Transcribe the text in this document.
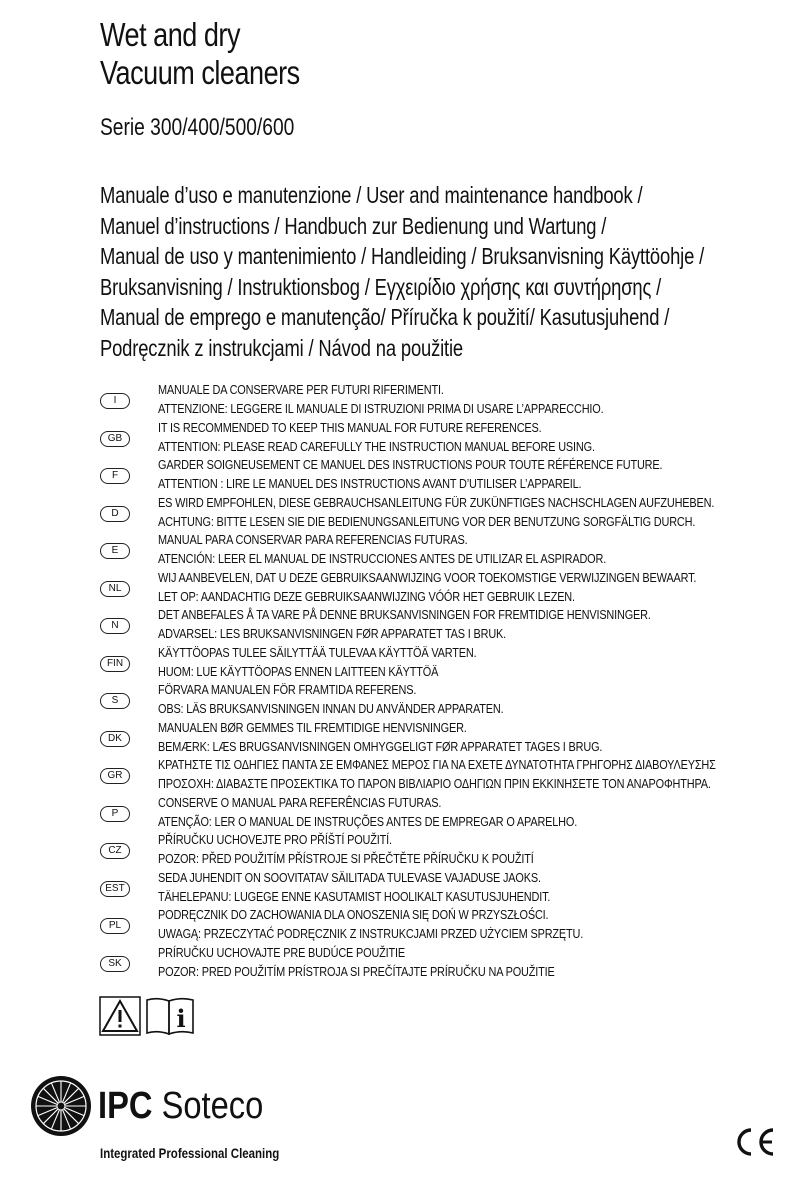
Wet and dry
Vacuum cleaners
Serie 300/400/500/600
Manuale d’uso e manutenzione / User and maintenance handbook /
Manuel d’instructions / Handbuch zur Bedienung und Wartung /
Manual de uso y mantenimiento / Handleiding / Bruksanvisning Käyttöohje /
Bruksanvisning / Instruktionsbog / Εγχειρίδιο χρήσης και συντήρησης /
Manual de emprego e manutenção/ Příručka k použití/ Kasutusjuhend /
Podręcznik z instrukcjami / Návod na použitie
I
MANUALE DA CONSERVARE PER FUTURI RIFERIMENTI.
ATTENZIONE: LEGGERE IL MANUALE DI ISTRUZIONI PRIMA DI USARE L’APPARECCHIO.
GB
IT IS RECOMMENDED TO KEEP THIS MANUAL FOR FUTURE REFERENCES.
ATTENTION: PLEASE READ CAREFULLY THE INSTRUCTION MANUAL BEFORE USING.
F
GARDER SOIGNEUSEMENT CE MANUEL DES INSTRUCTIONS POUR TOUTE RÉFÉRENCE FUTURE.
ATTENTION : LIRE LE MANUEL DES INSTRUCTIONS AVANT D’UTILISER L’APPAREIL.
D
ES WIRD EMPFOHLEN, DIESE GEBRAUCHSANLEITUNG FÜR ZUKÜNFTIGES NACHSCHLAGEN AUFZUHEBEN.
ACHTUNG: BITTE LESEN SIE DIE BEDIENUNGSANLEITUNG VOR DER BENUTZUNG SORGFÄLTIG DURCH.
E
MANUAL PARA CONSERVAR PARA REFERENCIAS FUTURAS.
ATENCIÓN: LEER EL MANUAL DE INSTRUCCIONES ANTES DE UTILIZAR EL ASPIRADOR.
NL
WIJ AANBEVELEN, DAT U DEZE GEBRUIKSAANWIJZING VOOR TOEKOMSTIGE VERWIJZINGEN BEWAART.
LET OP: AANDACHTIG DEZE GEBRUIKSAANWIJZING VÓÓR HET GEBRUIK LEZEN.
N
DET ANBEFALES Å TA VARE PÅ DENNE BRUKSANVISNINGEN FOR FREMTIDIGE HENVISNINGER.
ADVARSEL: LES BRUKSANVISNINGEN FØR APPARATET TAS I BRUK.
FIN
KÄYTTÖOPAS TULEE SÄILYTTÄÄ TULEVAA KÄYTTÖÄ VARTEN.
HUOM: LUE KÄYTTÖOPAS ENNEN LAITTEEN KÄYTTÖÄ
S
FÖRVARA MANUALEN FÖR FRAMTIDA REFERENS.
OBS: LÄS BRUKSANVISNINGEN INNAN DU ANVÄNDER APPARATEN.
DK
MANUALEN BØR GEMMES TIL FREMTIDIGE HENVISNINGER.
BEMÆRK: LÆS BRUGSANVISNINGEN OMHYGGELIGT FØR APPARATET TAGES I BRUG.
GR
ΚΡΑΤΗΣΤΕ ΤΙΣ ΟΔΗΓΙΕΣ ΠΑΝΤΑ ΣΕ ΕΜΦΑΝΕΣ ΜΕΡΟΣ ΓΙΑ ΝΑ ΕΧΕΤΕ ΔΥΝΑΤΟΤΗΤΑ ΓΡΗΓΟΡΗΣ ΔΙΑΒΟΥΛΕΥΣΗΣ
ΠΡΟΣΟΧΗ: ΔΙΑΒΑΣΤΕ ΠΡΟΣΕΚΤΙΚΑ ΤΟ ΠΑΡΟΝ ΒΙΒΛΙΑΡΙΟ ΟΔΗΓΙΩΝ ΠΡΙΝ ΕΚΚΙΝΗΣΕΤΕ ΤΟΝ ΑΝΑΡΟΦΗΤΗΡΑ.
P
CONSERVE O MANUAL PARA REFERÊNCIAS FUTURAS.
ATENÇÃO: LER O MANUAL DE INSTRUÇÕES ANTES DE EMPREGAR O APARELHO.
CZ
PŘÍRUČKU UCHOVEJTE PRO PŘÍŠTÍ POUŽITÍ.
POZOR: PŘED POUŽITÍM PŘÍSTROJE SI PŘEČTĚTE PŘÍRUČKU K POUŽITÍ
EST
SEDA JUHENDIT ON SOOVITATAV SÄILITADA TULEVASE VAJADUSE JAOKS.
TÄHELEPANU: LUGEGE ENNE KASUTAMIST HOOLIKALT KASUTUSJUHENDIT.
PL
PODRĘCZNIK DO ZACHOWANIA DLA ONOSZENIA SIĘ DOŃ W PRZYSZŁOŚCI.
UWAGĄ: PRZECZYTAĆ PODRĘCZNIK Z INSTRUKCJAMI PRZED UŻYCIEM SPRZĘTU.
SK
PRÍRUČKU UCHOVAJTE PRE BUDÚCE POUŽITIE
POZOR: PRED POUŽITÍM PRÍSTROJA SI PREČÍTAJTE PRÍRUČKU NA POUŽITIE
i
IPC Soteco
Integrated Professional Cleaning
